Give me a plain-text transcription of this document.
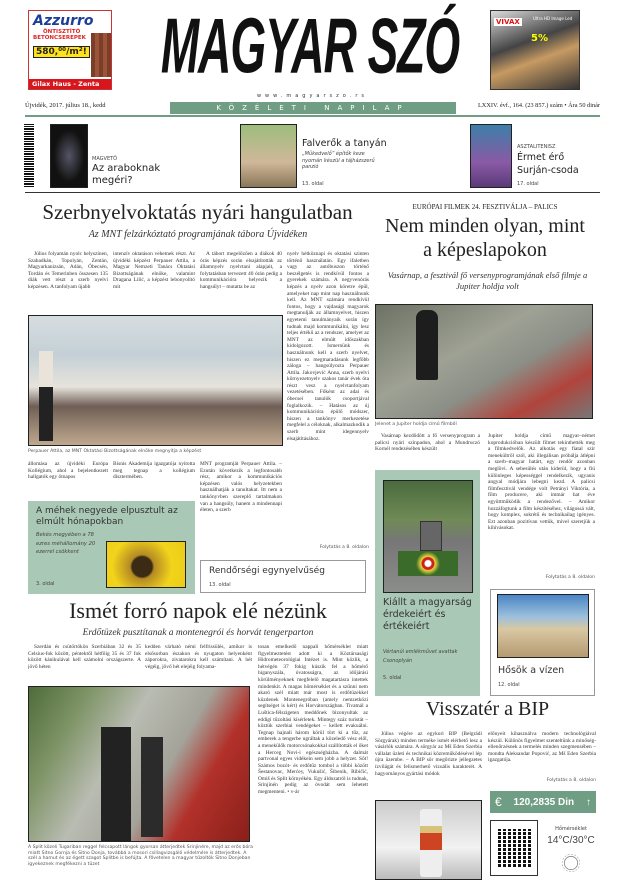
Azzurro
ÖNTISZTÍTÓ
BETONCSEREPEK
580,⁰⁰/m²!
Gilax Haus - Zenta	MAGYAR SZÓ
www.magyarszo.rs
VIVAX	Ultra HD Image Led
5%
Újvidék, 2017. július 18., kedd	KÖZÉLETI NAPILAP	LXXIV. évf., 164. (23 857.) szám • Ára 50 dinár
MAGVETŐ
Az araboknak megéri?
Falverők a tanyán
„Műkedvelő” építők keze nyomán készül a tájházszerű panzió
13. oldal
ASZTALITENISZ
Érmet érő Surján-csoda
17. oldal
Szerbnyelvoktatás nyári hangulatban
Az MNT felzárkóztató programjának tábora Újvidéken
Július folyamán nyolc helyszínen, Szabadkán, Topolyán, Zentán, Magyarkanizsán, Adán, Óbecsén, Tordán és Temerinben összesen 135 diák vett részt a szerb nyelvi képzésen. A tanfolyam újabb
intenzív oktatáson vehetnek részt. Az újvidéki képzést Perpauer Attila, a Magyar Nemzeti Tanács Oktatási Bizottságának elnöke, valamint Dragana Lilić, a képzést lebonyolító mit
A tábort megelőzően a diákok 40 órás képzés során elsajátították az államnyelv nyelvtani alapjait, a folytatásban tervezett 40 órán pedig a kommunikációra helyezik a hangsúlyt – mutatta be az
nyelv hétköznapi és oktatási szinten történő használatán. Egy ifaletben vagy az autóbuszon történő beszélgetés is rendkívül fontos a gyerekek számára. A negyvenórás képzés a nyelv azon köretre épül, amelyeket nap mint nap használnunk kell. Az MNT számára rendkívül fontos, hogy a vajdasági magyarok megtanulják az államnyelvet, hiszen egyetemi tanulmányaik során így tudnak majd kommunikálni, így lesz teljes értékű az a rendszer, amelyet az MNT az elmúlt időszakban kidolgozott. Ismernünk és használnunk kell a szerb nyelvet, hiszen ez megmaradásunk legfőbb záloga – hangsúlyozta Perpauer Attila. Jakovjević Anna, szerb nyelvi környezetnyelv szakos tanár évek óta részt vesz a nyelvtanfolyam vezetésében. Főként az adai és óbecsei tanulók csoportjával foglalkozik. – Hatásos az új kommunikációra épülő módszer, hiszen a tankönyv merkezetése megfelel a céloknak, alkalmazkodik a szerb mint idegennyelv elsajátításához.
Folytatás a 8. oldalon
Perpauer Attila, az MNT Oktatási Bizottságának elnöke megnyitja a képzést
állomása az újvidéki Európa Kollégium, ahol a bejelentkezett hallgatók egy ötnapos
Bisnis Akademija igazgatója nyitotta meg tegnap a kollégium dísztermében.
MNT programját Perpauer Attila. – Ezután következik a legfontosabb rész, amikor a kommunikációs képzésen valós helyzetekben használhatják a tanultakat. Itt nem a tankönyvben szereplő tartalmakon van a hangsúly, hanem a mindennapi életen, a szerb
A méhek negyede elpusztult az elmúlt hónapokban
Bekés megyében a 78 ezres méhállomány 20 ezerrel csökkent
3. oldal
Rendőrségi egynyelvűség
13. oldal
EURÓPAI FILMEK 24. FESZTIVÁLJA – PALICS
Nem minden olyan, mint a képeslapokon
Vasárnap, a fesztivál fő versenyprogramjának első filmje a Jupiter holdja volt
Jelenet a Jupiter holdja című filmből
Vasárnap kezdődött a fő versenyprogram a palicsi nyári színpadon, ahol a Mundruczó Kornél rendezésében készült
Jupiter holdja című magyar–német koprodukcióban készült filmet tekinthették meg a filmkedvelők. Az alkotás egy fiatal szír menekültről szól, aki illegálisan próbálja átlépni a szerb–magyar határt, egy rendőr azonban meglövi. A sebesülés után kiderül, hogy a fiú különleges képességgel rendelkezik, ugyanis angyal módjára lebegni kezd. A palicsi filmfesztivál vendége volt Petrányi Viktória, a film producere, aki immár hat éve együttműködik a rendezővel. – Amikor hozzáfogtunk a film készítéséhez, világossá vált, hogy komplex, sokrétű és technikailag igényes. Ezt azonban pozitívan vettük, mivel szeretjük a kihívásokat.
Folytatás a 8. oldalon
Kiállt a magyarság érdekeiért és értékeiért
Vértanúi emlékművet avattak Csonoplyán
5. oldal
Hősök a vízen
12. oldal
Ismét forró napok elé nézünk
Erdőtüzek pusztítanak a montenegrói és horvát tengerparton
Szerdán és csütörtökön Szerbiában 32 és 35 Celsius-fok között, péntektől hétfőig 35 és 37 fok között kánikulával kell számolni országszerte. A jövő héten
kedden várható némi felfrissülés, amikor is elsősorban északon és nyugaton helyenként záporokra, zivatarokra kell számítani. A hét végéig, jövő hét elejéig folyama-
tosan emelkedő nappali hőmérséklet miatt figyelmeztetést adott ki a Köztársasági Hidrometeorológiai Intézet is. Mint közlik, a hétvégén 37 fokig kúszik fel a hőmérő higanyszála, óvatosságra, az időjárási körülményeknek megfelelő magatartásra intettek mindenkit. A magas hőmérséklet és a szűnni nem akaró szél miatt már most is erdőtüzekkel küzdenek Montenegróban (amely nemzetközi segítséget is kért) és Horvátországban. Tivatnál a Luštica-félszigeten meddőnek bizonyultak az eddigi tűzoltási kísérletek. Mintegy száz turistát – köztük szerbiai vendégeket – kellett evakuálni. Tegnap hajnali három körül tört ki a tűz, az emberek a tengerbe ugráltak a közeledő vész elől, a menekülők motorcsónakokkal szállították el őket a Herceg Novi-i egészségházba. A dalmát partvonal egyes vidékein sem jobb a helyzet. Sőt! Számos bozót- és erdőtűz tombol a többi között Šestanovac, Merćey, Vukušić, Šibenik, Ribičić, Omiš és Split környékén. Egy áldozatról is tudnak, Srinjinén pedig az óvodát sem lehetett megmenteni. • v-ár
A Split közeli Tugariban reggel felcsapott lángok gyorsan átterjedtek Srinjinére, majd az erős bóra miatt Sitno Gornja és Sitno Donja, továbbá a mosori csillagvizsgáló védelmére is átterjedtek. A szél a hamut és az égett szagot Splitbe is befújta. A fővetelen a magyar tűzoltók Sitno Donjeban igyekeznek megfékezni a tüzet
Visszatér a BIP
Július végére az egykori BIP (Belgrádi Sörgyárak) minden terméke ismét elérhető lesz a vásárlók számára. A sörgyár az Mš Eden Szerbia vállalat üzleti és technikai közreműködésével lép újra üzembe. – A BIP sör megőrizte jellegzetes ízvilágát és felismerhető vizuális karakterét. A hagyományos gyártási módok
előnyeit kihasználva modern technológiával készül. Különös figyelmet szenteltünk a minőség-ellenőrzésnek a termelés minden szegmensében – mondta Aleksandar Popović, az Mš Eden Szerbia igazgatója.
Folytatás a 8. oldalon
€ 120,2835 Din ↑
Hőmérséklet
14°C/30°C
